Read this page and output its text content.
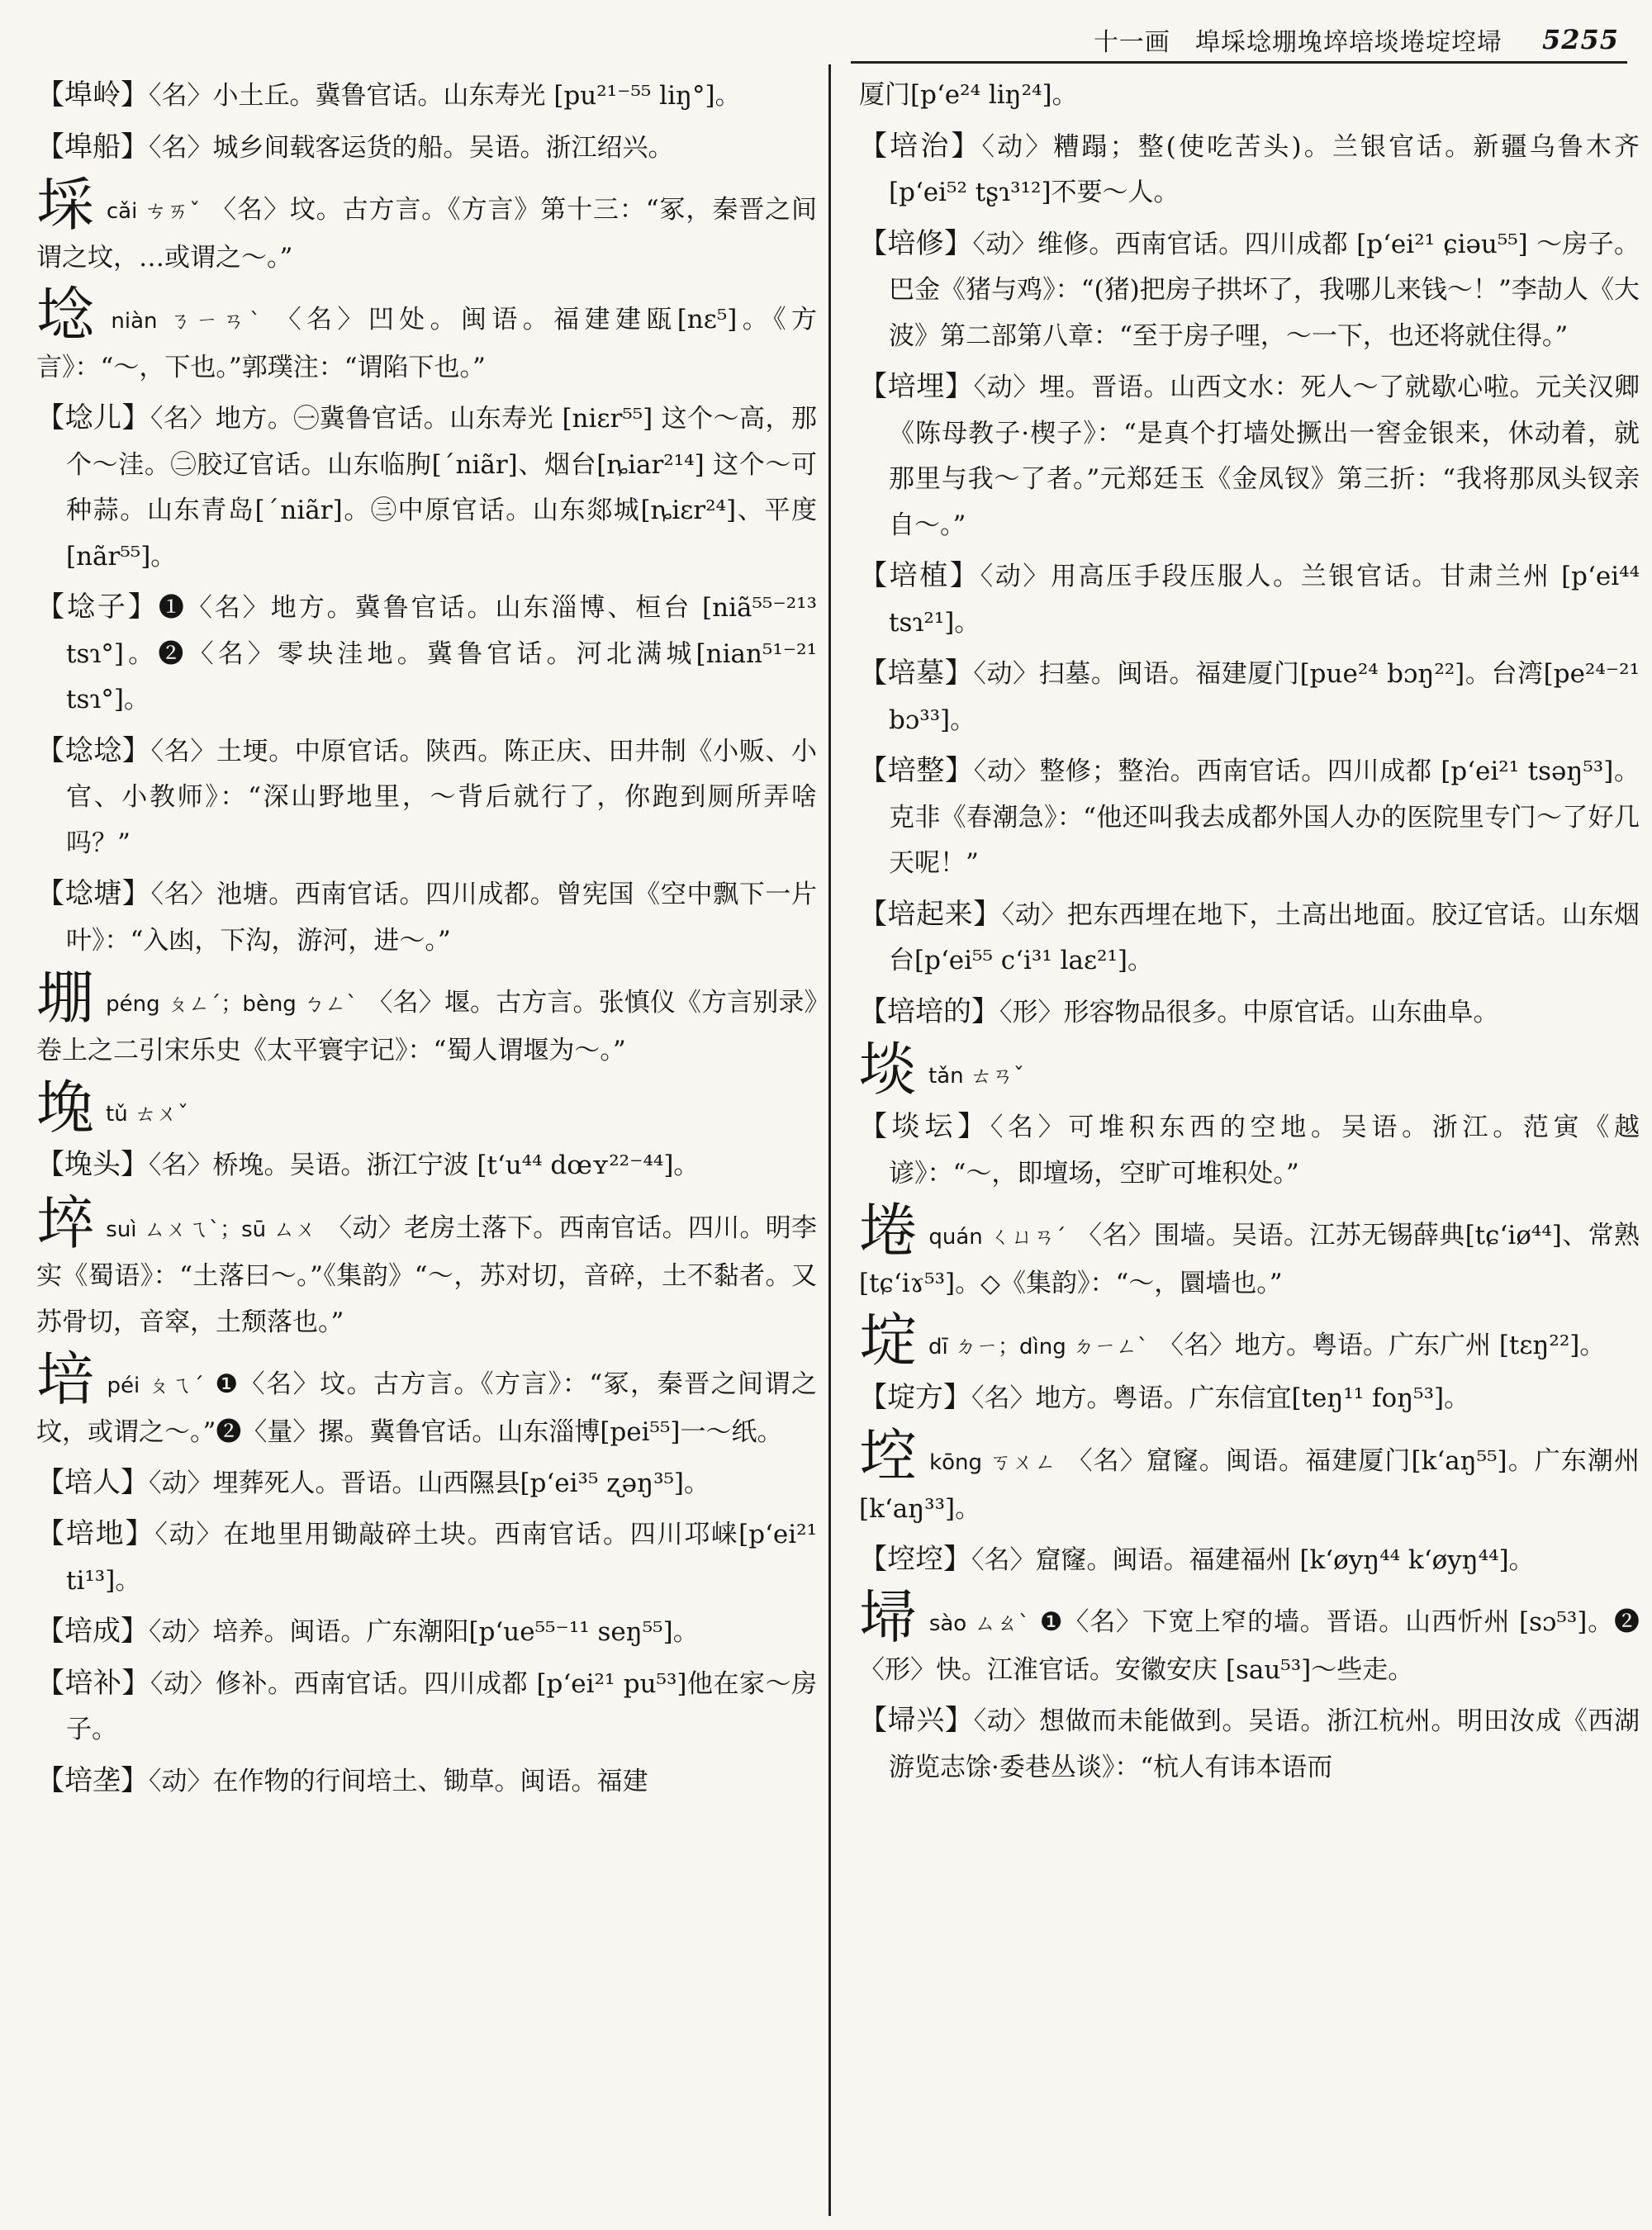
十一画 埠埰埝堋堍埣培埮埢埞埪埽 5255

【埠岭】〈名〉小土丘。冀鲁官话。山东寿光 [pu²¹⁻⁵⁵ liŋ°]。

【埠船】〈名〉城乡间载客运货的船。吴语。浙江绍兴。

埰cǎi ㄘㄞˇ 〈名〉坟。古方言。《方言》第十三：“冢，秦晋之间谓之坟，…或谓之～。”

埝niàn ㄋㄧㄢˋ 〈名〉凹处。闽语。福建建瓯[nɛ⁵]。《方言》：“～，下也。”郭璞注：“谓陷下也。”

【埝儿】〈名〉地方。㊀冀鲁官话。山东寿光 [niɛr⁵⁵] 这个～高，那个～洼。㊁胶辽官话。山东临朐[ˊniãr]、烟台[ȵiar²¹⁴] 这个～可种蒜。山东青岛[ˊniãr]。㊂中原官话。山东郯城[ȵiɛr²⁴]、平度[nãr⁵⁵]。

【埝子】❶〈名〉地方。冀鲁官话。山东淄博、桓台 [niã⁵⁵⁻²¹³ tsɿ°]。❷〈名〉零块洼地。冀鲁官话。河北满城[nian⁵¹⁻²¹ tsɿ°]。

【埝埝】〈名〉土埂。中原官话。陕西。陈正庆、田井制《小贩、小官、小教师》：“深山野地里，～背后就行了，你跑到厕所弄啥吗？”

【埝塘】〈名〉池塘。西南官话。四川成都。曾宪国《空中飘下一片叶》：“入凼，下沟，游河，进～。”

堋péng ㄆㄥˊ；bèng ㄅㄥˋ 〈名〉堰。古方言。张慎仪《方言别录》卷上之二引宋乐史《太平寰宇记》：“蜀人谓堰为～。”

堍tǔ ㄊㄨˇ

【堍头】〈名〉桥堍。吴语。浙江宁波 [tʻu⁴⁴ dœʏ²²⁻⁴⁴]。

埣suì ㄙㄨㄟˋ；sū ㄙㄨ 〈动〉老房土落下。西南官话。四川。明李实《蜀语》：“土落曰～。”《集韵》“～，苏对切，音碎，土不黏者。又苏骨切，音窣，土颓落也。”

培péi ㄆㄟˊ ❶〈名〉坟。古方言。《方言》：“冢，秦晋之间谓之坟，或谓之～。”❷〈量〉摞。冀鲁官话。山东淄博[pei⁵⁵]一～纸。

【培人】〈动〉埋葬死人。晋语。山西隰县[pʻei³⁵ ʐəŋ³⁵]。

【培地】〈动〉在地里用锄敲碎土块。西南官话。四川邛崃[pʻei²¹ ti¹³]。

【培成】〈动〉培养。闽语。广东潮阳[pʻue⁵⁵⁻¹¹ seŋ⁵⁵]。

【培补】〈动〉修补。西南官话。四川成都 [pʻei²¹ pu⁵³]他在家～房子。

【培垄】〈动〉在作物的行间培土、锄草。闽语。福建

厦门[pʻe²⁴ liŋ²⁴]。

【培治】〈动〉糟蹋；整(使吃苦头)。兰银官话。新疆乌鲁木齐[pʻei⁵² tʂɿ³¹²]不要～人。

【培修】〈动〉维修。西南官话。四川成都 [pʻei²¹ ɕiəu⁵⁵] ～房子。巴金《猪与鸡》：“(猪)把房子拱坏了，我哪儿来钱～！”李劼人《大波》第二部第八章：“至于房子哩，～一下，也还将就住得。”

【培埋】〈动〉埋。晋语。山西文水：死人～了就歇心啦。元关汉卿《陈母教子·楔子》：“是真个打墙处撅出一窖金银来，休动着，就那里与我～了者。”元郑廷玉《金凤钗》第三折：“我将那凤头钗亲自～。”

【培植】〈动〉用高压手段压服人。兰银官话。甘肃兰州 [pʻei⁴⁴ tsɿ²¹]。

【培墓】〈动〉扫墓。闽语。福建厦门[pue²⁴ bɔŋ²²]。台湾[pe²⁴⁻²¹ bɔ³³]。

【培整】〈动〉整修；整治。西南官话。四川成都 [pʻei²¹ tsəŋ⁵³]。克非《春潮急》：“他还叫我去成都外国人办的医院里专门～了好几天呢！”

【培起来】〈动〉把东西埋在地下，土高出地面。胶辽官话。山东烟台[pʻei⁵⁵ cʻi³¹ laɛ²¹]。

【培培的】〈形〉形容物品很多。中原官话。山东曲阜。

埮tǎn ㄊㄢˇ

【埮坛】〈名〉可堆积东西的空地。吴语。浙江。范寅《越谚》：“～，即壇场，空旷可堆积处。”

埢quán ㄑㄩㄢˊ 〈名〉围墙。吴语。江苏无锡薛典[tɕʻiø⁴⁴]、常熟[tɕʻiɤ⁵³]。◇《集韵》：“～，圜墙也。”

埞dī ㄉㄧ；dìng ㄉㄧㄥˋ 〈名〉地方。粤语。广东广州 [tɛŋ²²]。

【埞方】〈名〉地方。粤语。广东信宜[teŋ¹¹ foŋ⁵³]。

埪kōng ㄎㄨㄥ 〈名〉窟窿。闽语。福建厦门[kʻaŋ⁵⁵]。广东潮州[kʻaŋ³³]。

【埪埪】〈名〉窟窿。闽语。福建福州 [kʻøyŋ⁴⁴ kʻøyŋ⁴⁴]。

埽sào ㄙㄠˋ ❶〈名〉下宽上窄的墙。晋语。山西忻州 [sɔ⁵³]。❷〈形〉快。江淮官话。安徽安庆 [sau⁵³]～些走。

【埽兴】〈动〉想做而未能做到。吴语。浙江杭州。明田汝成《西湖游览志馀·委巷丛谈》：“杭人有讳本语而
